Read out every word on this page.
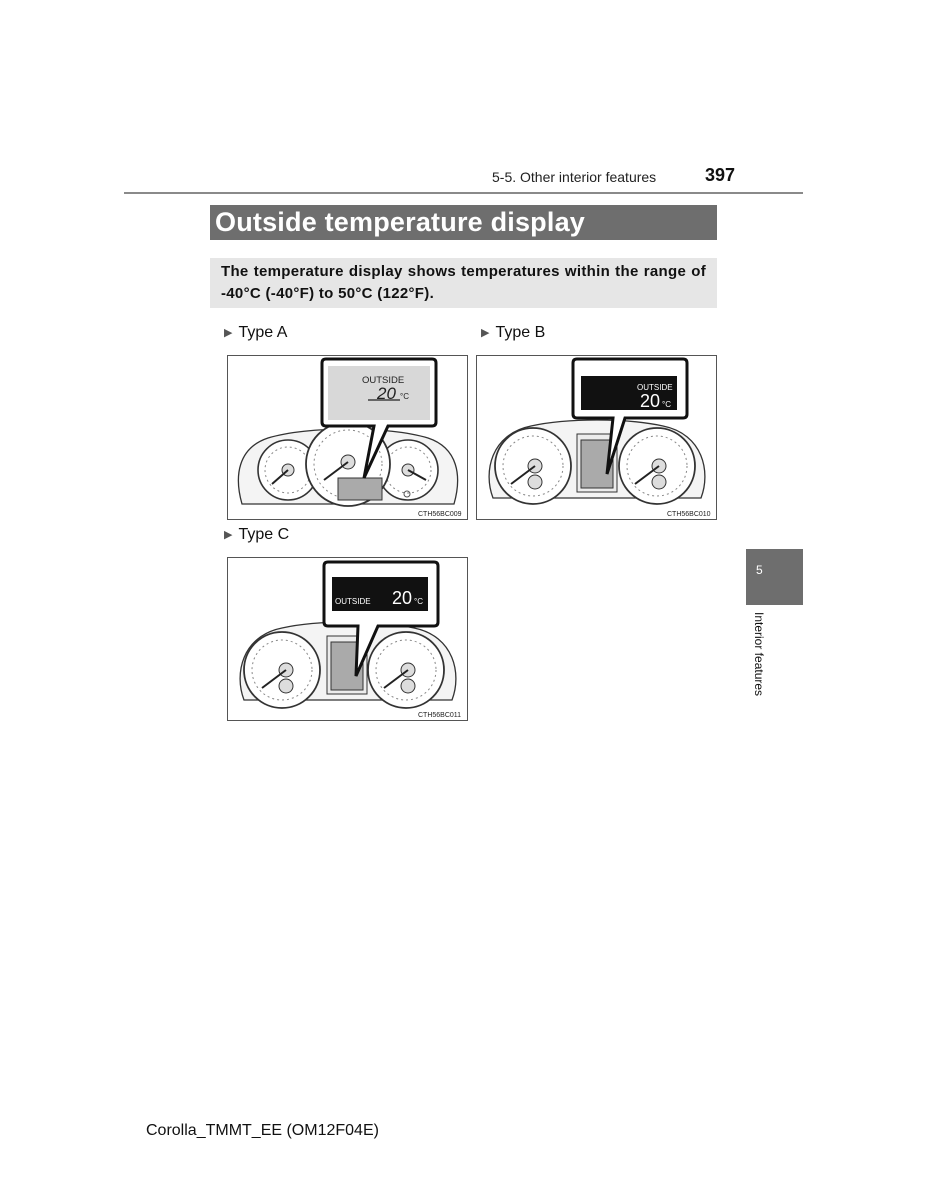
5-5. Other interior features	397
Outside temperature display
The temperature display shows temperatures within the range of -40°C (-40°F) to 50°C (122°F).
▶ Type A
OUTSIDE
20 °C
CTH56BC009
▶ Type B
OUTSIDE
20 °C
CTH56BC010
▶ Type C
OUTSIDE 20 °C
CTH56BC011
5
Interior features
Corolla_TMMT_EE (OM12F04E)
